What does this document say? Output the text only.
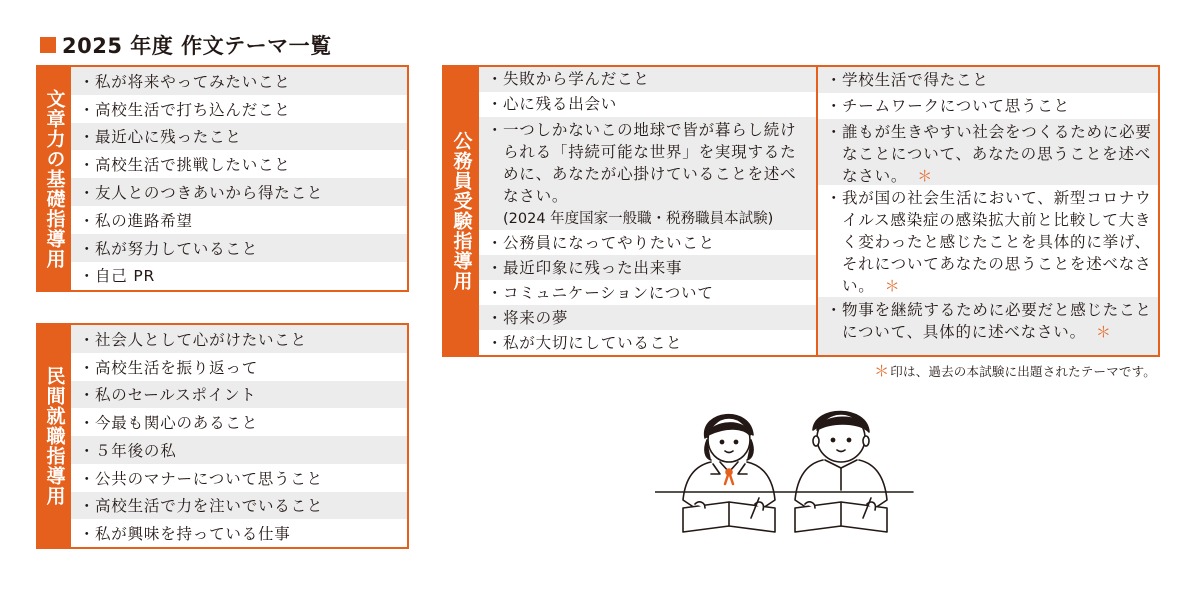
2025 年度 作文テーマ一覧
文章力の基礎指導用
・ 私が将来やってみたいこと
・ 高校生活で打ち込んだこと
・ 最近心に残ったこと
・ 高校生活で挑戦したいこと
・ 友人とのつきあいから得たこと
・ 私の進路希望
・ 私が努力していること
・ 自己 PR
民間就職指導用
・ 社会人として心がけたいこと
・ 高校生活を振り返って
・ 私のセールスポイント
・ 今最も関心のあること
・ ５年後の私
・ 公共のマナーについて思うこと
・ 高校生活で力を注いでいること
・ 私が興味を持っている仕事
公務員受験指導用
・ 失敗から学んだこと
・ 心に残る出会い
・ 一つしかないこの地球で皆が暮らし続けられる「持続可能な世界」を実現するために、あなたが心掛けていることを述べなさい。
(2024 年度国家一般職・税務職員本試験)
・ 公務員になってやりたいこと
・ 最近印象に残った出来事
・ コミュニケーションについて
・ 将来の夢
・ 私が大切にしていること
・ 学校生活で得たこと
・ チームワークについて思うこと
・ 誰もが生きやすい社会をつくるために必要なことについて、あなたの思うことを述べなさい。 ＊
・ 我が国の社会生活において、新型コロナウイルス感染症の感染拡大前と比較して大きく変わったと感じたことを具体的に挙げ、それについてあなたの思うことを述べなさい。 ＊
・ 物事を継続するために必要だと感じたことについて、具体的に述べなさい。 ＊
＊印は、過去の本試験に出題されたテーマです。
